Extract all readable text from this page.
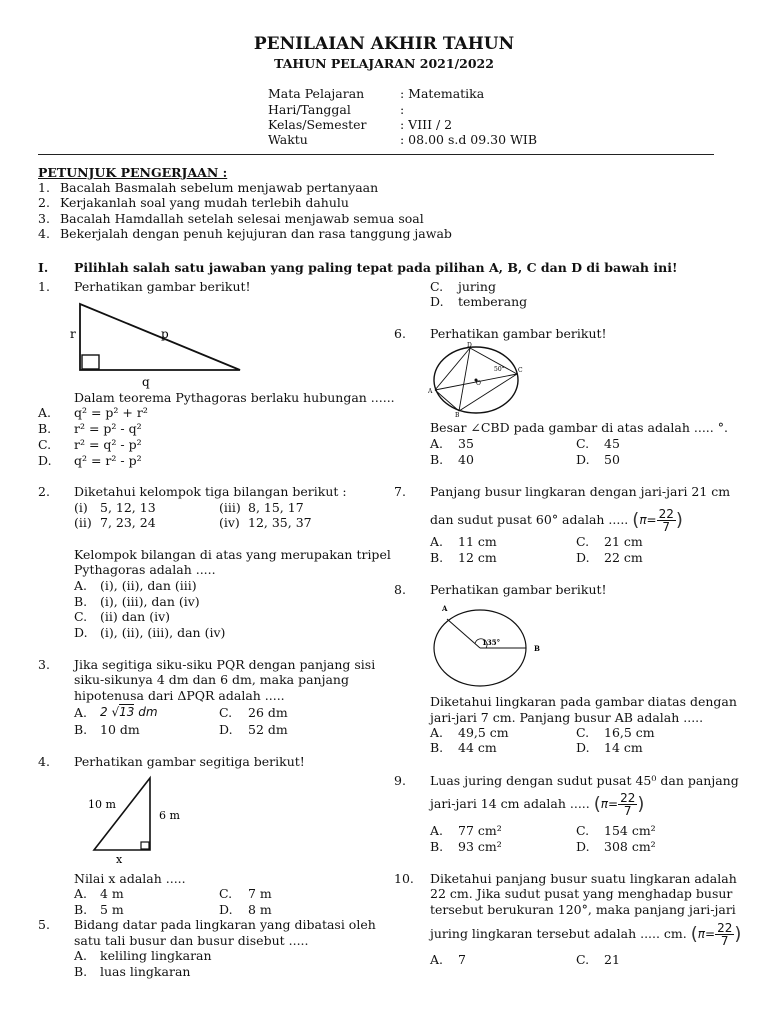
PENILAIAN AKHIR TAHUN
TAHUN PELAJARAN 2021/2022
Mata Pelajaran	: Matematika
Hari/Tanggal	:
Kelas/Semester	: VIII / 2
Waktu	: 08.00 s.d 09.30 WIB
PETUNJUK PENGERJAAN :
1. Bacalah Basmalah sebelum menjawab pertanyaan
2. Kerjakanlah soal yang mudah terlebih dahulu
3. Bacalah Hamdallah setelah selesai menjawab semua soal
4. Bekerjalah dengan penuh kejujuran dan rasa tanggung jawab
I. Pilihlah salah satu jawaban yang paling tepat pada pilihan A, B, C dan D di bawah ini!
1. Perhatikan gambar berikut!
r	p
q
Dalam teorema Pythagoras berlaku hubungan ......
A. q² = p² + r²
B. r² = p² - q²
C. r² = q² - p²
D. q² = r² - p²
2. Diketahui kelompok tiga bilangan berikut :
(i) 5, 12, 13	(iii) 8, 15, 17
(ii) 7, 23, 24	(iv) 12, 35, 37
Kelompok bilangan di atas yang merupakan tripel
Pythagoras adalah .....
A. (i), (ii), dan (iii)
B. (i), (iii), dan (iv)
C. (ii) dan (iv)
D. (i), (ii), (iii), dan (iv)
3. Jika segitiga siku-siku PQR dengan panjang sisi
siku-sikunya 4 dm dan 6 dm, maka panjang
hipotenusa dari ΔPQR adalah .....
A. 2 √13 dm	C. 26 dm
B. 10 dm	D. 52 dm
4. Perhatikan gambar segitiga berikut!
10 m
6 m
x
Nilai x adalah .....
A. 4 m	C. 7 m
B. 5 m	D. 8 m
5. Bidang datar pada lingkaran yang dibatasi oleh
satu tali busur dan busur disebut .....
A. keliling lingkaran
B. luas lingkaran
C. juring
D. temberang
6. Perhatikan gambar berikut!
D
A
C
B
O
50°
Besar ∠CBD pada gambar di atas adalah ..... °.
A. 35	C. 45
B. 40	D. 50
7. Panjang busur lingkaran dengan jari-jari 21 cm
dan sudut pusat 60° adalah ..... ($\pi= \frac{22}{7}$ )
A. 11 cm	C. 21 cm
B. 12 cm	D. 22 cm
8. Perhatikan gambar berikut!
A
B
135°
Diketahui lingkaran pada gambar diatas dengan
jari-jari 7 cm. Panjang busur AB adalah .....
A. 49,5 cm	C. 16,5 cm
B. 44 cm	D. 14 cm
9. Luas juring dengan sudut pusat 45⁰ dan panjang
jari-jari 14 cm adalah ..... ($\pi= \frac{22}{7}$ )
A. 77 cm²	C. 154 cm²
B. 93 cm²	D. 308 cm²
10. Diketahui panjang busur suatu lingkaran adalah
22 cm. Jika sudut pusat yang menghadap busur
tersebut berukuran 120°, maka panjang jari-jari
juring lingkaran tersebut adalah ..... cm. ($\pi= \frac{22}{7}$ )
A. 7	C. 21
